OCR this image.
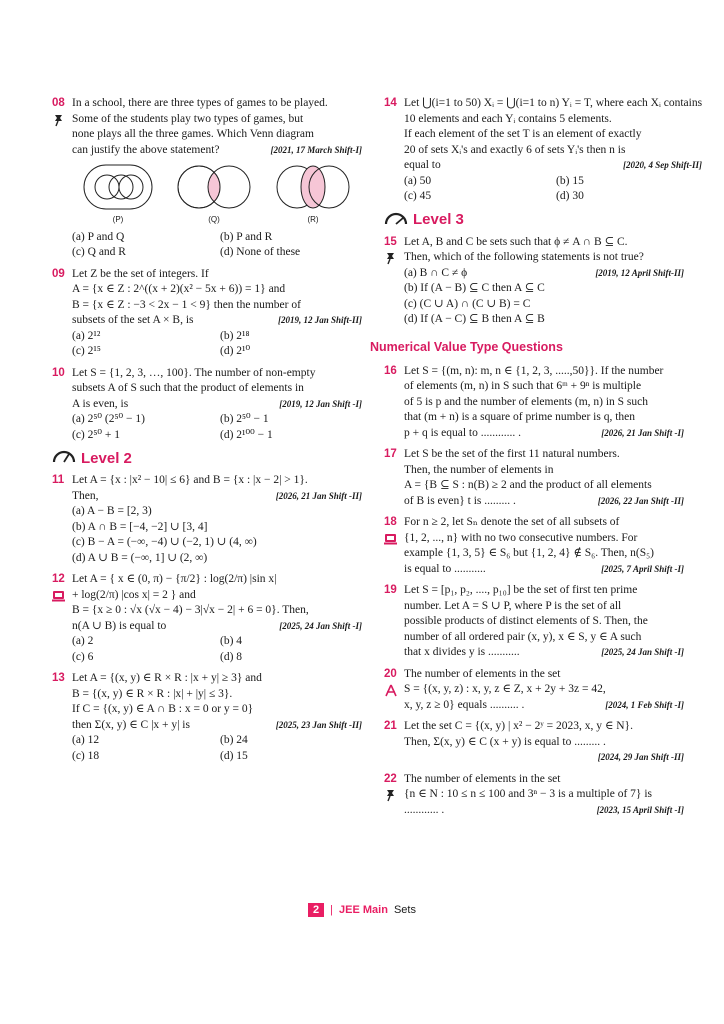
08 In a school, there are three types of games to be played.
Some of the students play two types of games, but
none plays all the three games. Which Venn diagram
can justify the above statement?	[2021, 17 March Shift-I]
(P)	(Q)	(R)
(a) P and Q	(b) P and R
(c) Q and R	(d) None of these
09 Let Z be the set of integers. If
A = {x ∈ Z : 2^((x + 2)(x² − 5x + 6)) = 1} and
B = {x ∈ Z : −3 < 2x − 1 < 9} then the number of
subsets of the set A × B, is	[2019, 12 Jan Shift-II]
(a) 2¹²	(b) 2¹⁸
(c) 2¹⁵	(d) 2¹⁰
10 Let S = {1, 2, 3, …, 100}. The number of non-empty
subsets A of S such that the product of elements in
A is even, is	[2019, 12 Jan Shift -I]
(a) 2⁵⁰ (2⁵⁰ − 1)	(b) 2⁵⁰ − 1
(c) 2⁵⁰ + 1	(d) 2¹⁰⁰ − 1
Level 2
11 Let A = {x : |x² − 10| ≤ 6} and B = {x : |x − 2| > 1}.
Then,	[2026, 21 Jan Shift -II]
(a) A − B = [2, 3)
(b) A ∩ B = [−4, −2] ∪ [3, 4]
(c) B − A = (−∞, −4) ∪ (−2, 1) ∪ (4, ∞)
(d) A ∪ B = (−∞, 1] ∪ (2, ∞)
12 Let A = { x ∈ (0, π) − {π/2} : log(2/π) |sin x|
+ log(2/π) |cos x| = 2 } and
B = {x ≥ 0 : √x (√x − 4) − 3|√x − 2| + 6 = 0}. Then,
n(A ∪ B) is equal to	[2025, 24 Jan Shift -I]
(a) 2	(b) 4
(c) 6	(d) 8
13 Let A = {(x, y) ∈ R × R : |x + y| ≥ 3} and
B = {(x, y) ∈ R × R : |x| + |y| ≤ 3}.
If C = {(x, y) ∈ A ∩ B : x = 0 or y = 0}
then Σ(x, y) ∈ C |x + y| is	[2025, 23 Jan Shift -II]
(a) 12	(b) 24
(c) 18	(d) 15
14 Let ⋃(i=1 to 50) Xᵢ = ⋃(i=1 to n) Yᵢ = T, where each Xᵢ contains
10 elements and each Yᵢ contains 5 elements.
If each element of the set T is an element of exactly
20 of sets Xᵢ's and exactly 6 of sets Yᵢ's then n is
equal to	[2020, 4 Sep Shift-II]
(a) 50	(b) 15
(c) 45	(d) 30
Level 3
15 Let A, B and C be sets such that ϕ ≠ A ∩ B ⊆ C.
Then, which of the following statements is not true?
(a) B ∩ C ≠ ϕ	[2019, 12 April Shift-II]
(b) If (A − B) ⊆ C then A ⊆ C
(c) (C ∪ A) ∩ (C ∪ B) = C
(d) If (A − C) ⊆ B then A ⊆ B
Numerical Value Type Questions
16 Let S = {(m, n): m, n ∈ {1, 2, 3, .....,50}}. If the number
of elements (m, n) in S such that 6ᵐ + 9ⁿ is multiple
of 5 is p and the number of elements (m, n) in S such
that (m + n) is a square of prime number is q, then
p + q is equal to ............ .	[2026, 21 Jan Shift -I]
17 Let S be the set of the first 11 natural numbers.
Then, the number of elements in
A = {B ⊆ S : n(B) ≥ 2 and the product of all elements
of B is even} t is ......... .	[2026, 22 Jan Shift -II]
18 For n ≥ 2, let Sₙ denote the set of all subsets of
{1, 2, ..., n} with no two consecutive numbers. For
example {1, 3, 5} ∈ S₆ but {1, 2, 4} ∉ S₆. Then, n(S₅)
is equal to ...........	[2025, 7 April Shift -I]
19 Let S = [p₁, p₂, ...., p₁₀] be the set of first ten prime
number. Let A = S ∪ P, where P is the set of all
possible products of distinct elements of S. Then, the
number of all ordered pair (x, y), x ∈ S, y ∈ A such
that x divides y is ...........	[2025, 24 Jan Shift -I]
20 The number of elements in the set
S = {(x, y, z) : x, y, z ∈ Z, x + 2y + 3z = 42,
x, y, z ≥ 0} equals .......... .	[2024, 1 Feb Shift -I]
21 Let the set C = {(x, y) | x² − 2ʸ = 2023, x, y ∈ N}.
Then, Σ(x, y) ∈ C (x + y) is equal to ......... .
[2024, 29 Jan Shift -II]
22 The number of elements in the set
{n ∈ N : 10 ≤ n ≤ 100 and 3ⁿ − 3 is a multiple of 7} is
............ .	[2023, 15 April Shift -I]
2	| JEE Main Sets
